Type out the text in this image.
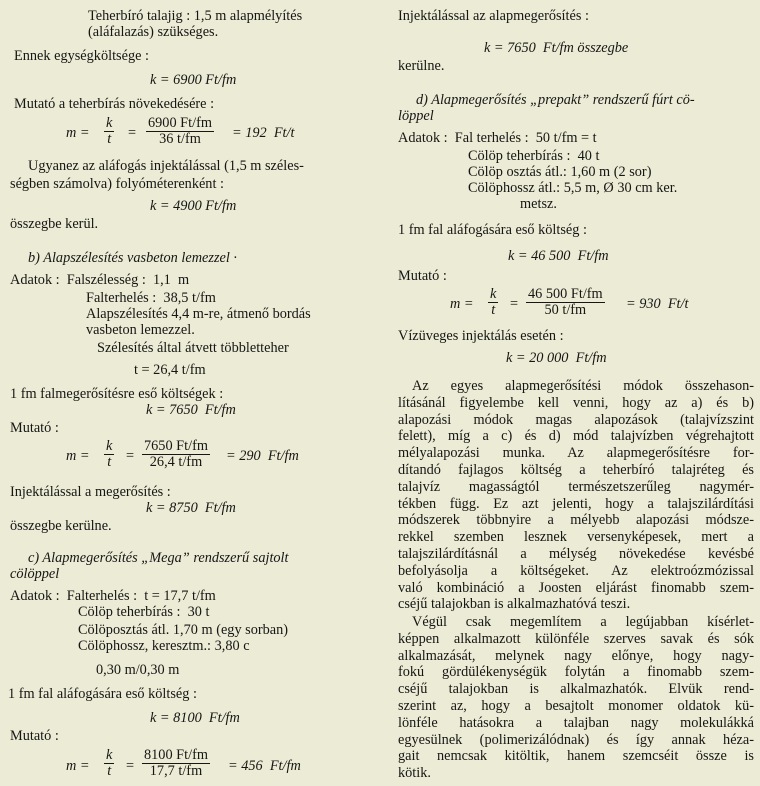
Teherbíró talajig : 1,5 m alapmélyítés
(aláfalazás) szükséges.
Ennek egységköltsége :
k = 6900 Ft/fm
Mutató a teherbírás növekedésére :
$m = \frac{k}{t} = \frac{6900 Ft/fm}{36 t/fm} = 192$  Ft/t
Ugyanez az aláfogás injektálással (1,5 m széles-
ségben számolva) folyóméterenként :
k = 4900 Ft/fm
összegbe kerül.
b) Alapszélesítés vasbeton lemezzel ·
Adatok :  Falszélesség :  1,1  m
Falterhelés :  38,5 t/fm
Alapszélesítés 4,4 m-re, átmenő bordás
vasbeton lemezzel.
Szélesítés által átvett többletteher
t = 26,4 t/fm
1 fm falmegerősítésre eső költségek :
k = 7650  Ft/fm
Mutató :
$m = \frac{k}{t} = \frac{7650 Ft/fm}{26,4 t/fm} = 290$  Ft/fm
Injektálással a megerősítés :
k = 8750  Ft/fm
összegbe kerülne.
c) Alapmegerősítés „Mega” rendszerű sajtolt
cölöppel
Adatok :  Falterhelés :  t = 17,7 t/fm
Cölöp teherbírás :  30 t
Cölöposztás átl. 1,70 m (egy sorban)
Cölöphossz, keresztm.: 3,80 c
0,30 m/0,30 m
1 fm fal aláfogására eső költség :
k = 8100  Ft/fm
Mutató :
$m = \frac{k}{t} = \frac{8100 Ft/fm}{17,7 t/fm} = 456$  Ft/fm
Injektálással az alapmegerősítés :
k = 7650  Ft/fm összegbe
kerülne.
d) Alapmegerősítés „prepakt” rendszerű fúrt cö-
löppel
Adatok :  Fal terhelés :  50 t/fm = t
Cölöp teherbírás :  40 t
Cölöp osztás átl.: 1,60 m (2 sor)
Cölöphossz átl.: 5,5 m, Ø 30 cm ker.
metsz.
1 fm fal aláfogására eső költség :
k = 46 500  Ft/fm
Mutató :
$m = \frac{k}{t} = \frac{46 500 Ft/fm}{50 t/fm} = 930$  Ft/t
Vízüveges injektálás esetén :
k = 20 000  Ft/fm
Az egyes alapmegerősítési módok összehason-
lításánál figyelembe kell venni, hogy az a) és b)
alapozási módok magas alapozások (talajvízszint
felett), míg a c) és d) mód talajvízben végrehajtott
mélyalapozási munka. Az alapmegerősítésre for-
dítandó fajlagos költség a teherbíró talajréteg és
talajvíz magasságtól természetszerűleg nagymér-
tékben függ. Ez azt jelenti, hogy a talajszilárdítási
módszerek többnyire a mélyebb alapozási módsze-
rekkel szemben lesznek versenyképesek, mert a
talajszilárdításnál a mélység növekedése kevésbé
befolyásolja a költségeket. Az elektroózmózissal
való kombináció a Joosten eljárást finomabb szem-
cséjű talajokban is alkalmazhatóvá teszi.
Végül csak megemlítem a legújabban kísérlet-
képpen alkalmazott különféle szerves savak és sók
alkalmazását, melynek nagy előnye, hogy nagy-
fokú gördülékenységük folytán a finomabb szem-
cséjű talajokban is alkalmazhatók. Elvük rend-
szerint az, hogy a besajtolt monomer oldatok kü-
lönféle hatásokra a talajban nagy molekulákká
egyesülnek (polimerizálódnak) és így annak héza-
gait nemcsak kitöltik, hanem szemcséit össze is
kötik.
